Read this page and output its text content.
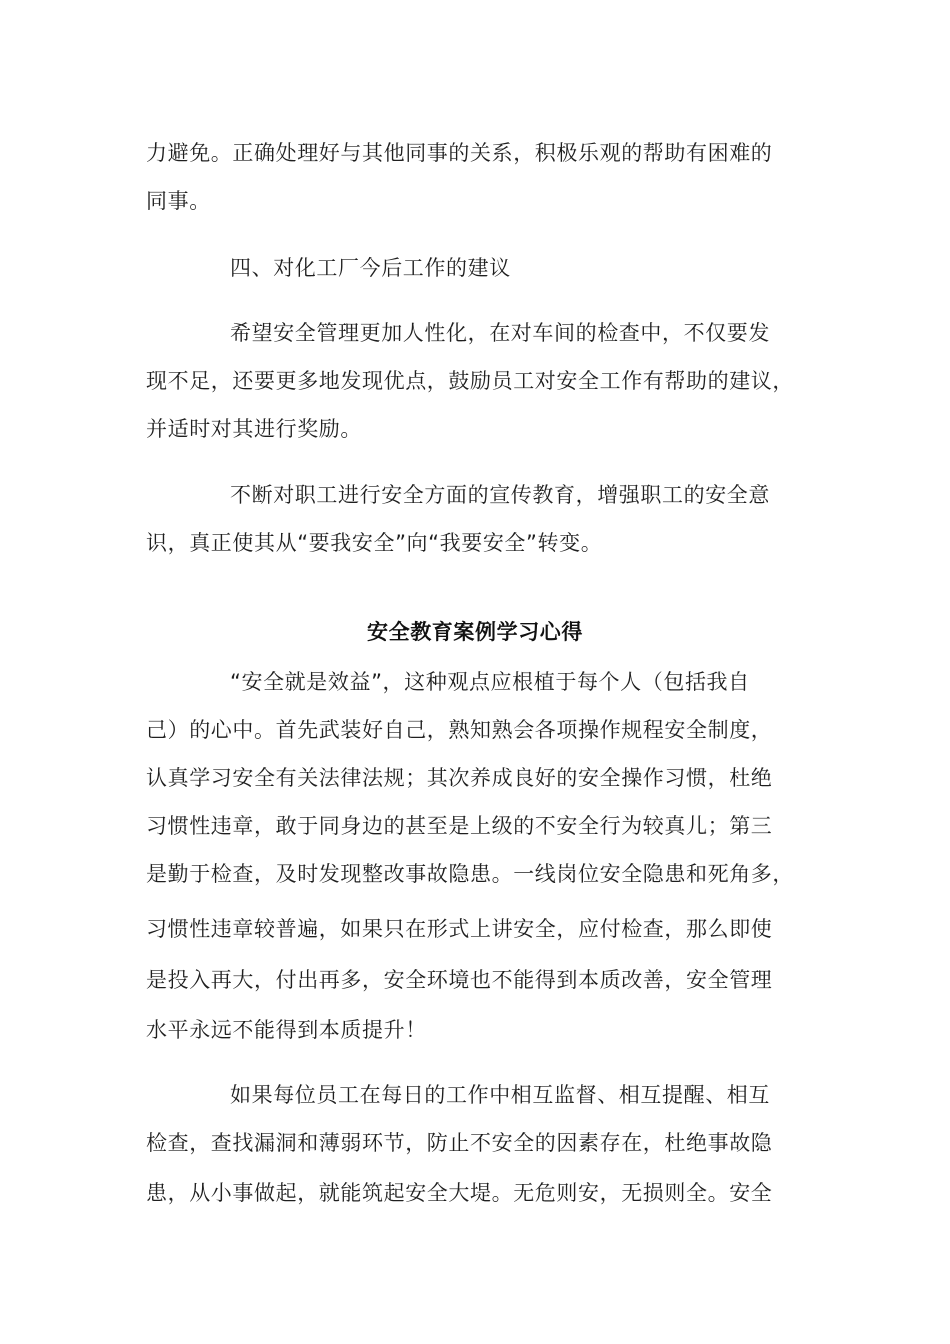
力避免。正确处理好与其他同事的关系，积极乐观的帮助有困难的
同事。
四、对化工厂今后工作的建议
希望安全管理更加人性化，在对车间的检查中，不仅要发
现不足，还要更多地发现优点，鼓励员工对安全工作有帮助的建议，
并适时对其进行奖励。
不断对职工进行安全方面的宣传教育，增强职工的安全意
识，真正使其从“要我安全”向“我要安全”转变。
安全教育案例学习心得
“安全就是效益”，这种观点应根植于每个人（包括我自
己）的心中。首先武装好自己，熟知熟会各项操作规程安全制度，
认真学习安全有关法律法规；其次养成良好的安全操作习惯，杜绝
习惯性违章，敢于同身边的甚至是上级的不安全行为较真儿；第三
是勤于检查，及时发现整改事故隐患。一线岗位安全隐患和死角多，
习惯性违章较普遍，如果只在形式上讲安全，应付检查，那么即使
是投入再大，付出再多，安全环境也不能得到本质改善，安全管理
水平永远不能得到本质提升！
如果每位员工在每日的工作中相互监督、相互提醒、相互
检查，查找漏洞和薄弱环节，防止不安全的因素存在，杜绝事故隐
患，从小事做起，就能筑起安全大堤。无危则安，无损则全。安全
